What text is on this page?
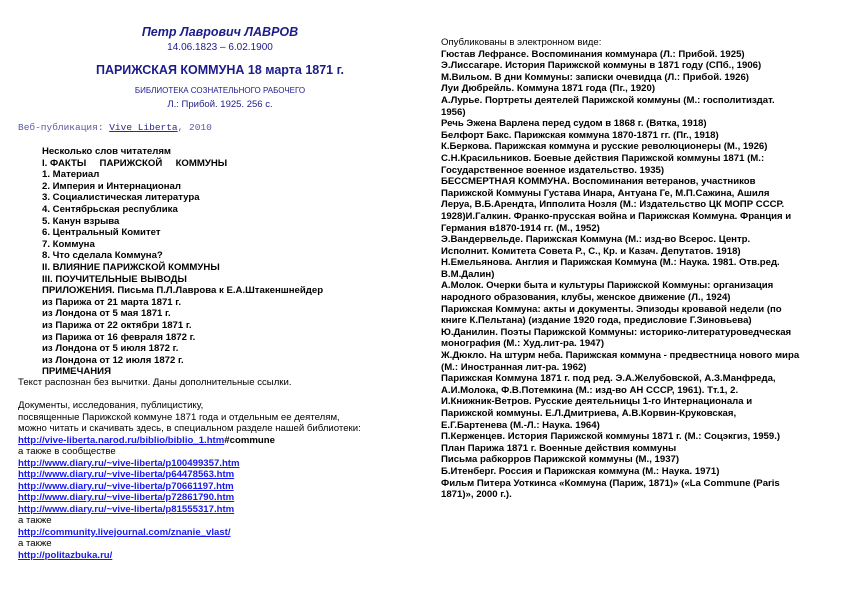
Петр Лаврович ЛАВРОВ
14.06.1823 – 6.02.1900
ПАРИЖСКАЯ КОММУНА 18 марта 1871 г.
БИБЛИОТЕКА СОЗНАТЕЛЬНОГО РАБОЧЕГО
Л.: Прибой. 1925. 256 с.
Веб-публикация: Vive Liberta, 2010
Несколько слов читателям
I. ФАКТЫ     ПАРИЖСКОЙ     КОММУНЫ
1. Материал
2. Империя и Интернационал
3. Социалистическая литература
4. Сентябрьская республика
5. Канун взрыва
6. Центральный Комитет
7. Коммуна
8. Что сделала Коммуна?
II. ВЛИЯНИЕ ПАРИЖСКОЙ КОММУНЫ
III. ПОУЧИТЕЛЬНЫЕ ВЫВОДЫ
ПРИЛОЖЕНИЯ. Письма П.Л.Лаврова к Е.А.Штакеншнейдер
из Парижа от 21 марта 1871 г.
из Лондона от 5 мая 1871 г.
из Парижа от 22 октябри 1871 г.
из Парижа от 16 февраля 1872 г.
из Лондона от 5 июля 1872 г.
из Лондона от 12 июля 1872 г.
ПРИМЕЧАНИЯ
Текст распознан без вычитки. Даны дополнительные ссылки.
Документы, исследования, публицистику,
посвященные Парижской коммуне 1871 года и отдельным ее деятелям,
можно читать и скачивать здесь, в специальном разделе нашей библиотеки:
http://vive-liberta.narod.ru/biblio/biblio_1.htm#commune
а также в сообществе
http://www.diary.ru/~vive-liberta/p100499357.htm
http://www.diary.ru/~vive-liberta/p64478563.htm
http://www.diary.ru/~vive-liberta/p70661197.htm
http://www.diary.ru/~vive-liberta/p72861790.htm
http://www.diary.ru/~vive-liberta/p81555317.htm
а также
http://community.livejournal.com/znanie_vlast/
а также
http://politazbuka.ru/
Опубликованы в электронном виде:
Гюстав Лефрансе. Воспоминания коммунара (Л.: Прибой. 1925)
Э.Лиссагаре. История Парижской коммуны в 1871 году (СПб., 1906)
М.Вильом. В дни Коммуны: записки очевидца (Л.: Прибой. 1926)
Луи Дюбрейль. Коммуна 1871 года (Пг., 1920)
А.Лурье. Портреты деятелей Парижской коммуны (М.: госполитиздат.
1956)
Речь Эжена Варлена перед судом в 1868 г. (Вятка, 1918)
Белфорт Бакс. Парижская коммуна 1870-1871 гг. (Пг., 1918)
К.Беркова. Парижская коммуна и русские революционеры (М., 1926)
С.Н.Красильников. Боевые действия Парижской коммуны 1871 (М.:
Государственное военное издательство. 1935)
БЕССМЕРТНАЯ КОММУНА. Воспоминания ветеранов, участников
Парижской Коммуны Густава Инара, Антуана Ге, М.П.Сажина, Ашиля
Леруа, В.Б.Арендта, Ипполита Нозля (М.: Издательство ЦК МОПР СССР.
1928)И.Галкин. Франко-прусская война и Парижская Коммуна. Франция и
Германия в1870-1914 гг. (М., 1952)
Э.Вандервельде. Парижская Коммуна (М.: изд-во Всерос. Центр.
Исполнит. Комитета Совета Р., С., Кр. и Казач. Депутатов. 1918)
Н.Емельянова. Англия и Парижская Коммуна (М.: Наука. 1981. Отв.ред.
В.М.Далин)
А.Молок. Очерки быта и культуры Парижской Коммуны: организация
народного образования, клубы, женское движение (Л., 1924)
Парижская Коммуна: акты и документы. Эпизоды кровавой недели (по
книге К.Пельтана) (издание 1920 года, предисловие Г.Зиновьева)
Ю.Данилин. Поэты Парижской Коммуны: историко-литературоведческая
монография (М.: Худ.лит-ра. 1947)
Ж.Дюкло. На штурм неба. Парижская коммуна - предвестница нового мира
(М.: Иностранная лит-ра. 1962)
Парижская Коммуна 1871 г. под ред. Э.А.Желубовской, А.З.Манфреда,
А.И.Молока, Ф.В.Потемкина (М.: изд-во АН СССР, 1961). Тт.1, 2.
И.Книжник-Ветров. Русские деятельницы 1-го Интернационала и
Парижской коммуны. Е.Л.Дмитриева, А.В.Корвин-Круковская,
Е.Г.Бартенева (М.-Л.: Наука. 1964)
П.Керженцев. История Парижской коммуны 1871 г. (М.: Соцэкгиз, 1959.)
План Парижа 1871 г. Военные действия коммуны
Письма рабкорров Парижской коммуны (М., 1937)
Б.Итенберг. Россия и Парижская коммуна (М.: Наука. 1971)
Фильм Питера Уоткинса «Коммуна (Париж, 1871)» («La Commune (Paris
1871)», 2000 г.).
